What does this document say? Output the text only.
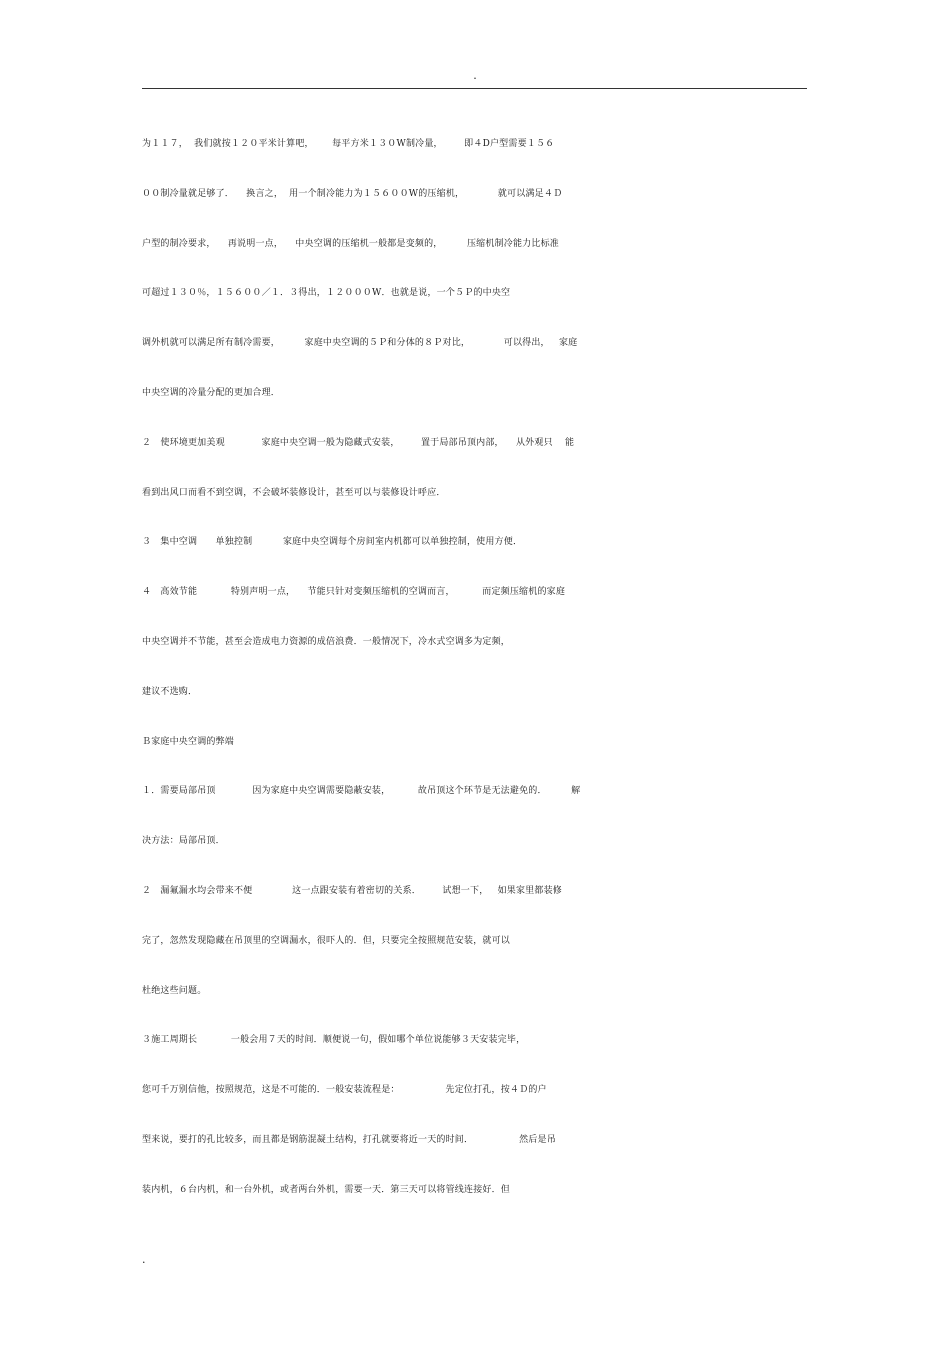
.
为１１７，  我们就按１２０平米计算吧，      每平方米１３０W制冷量，       即４D户型需要１５６
００制冷量就足够了．    换言之，  用一个制冷能力为１５６００W的压缩机，           就可以满足４Ｄ
户型的制冷要求，    再说明一点，    中央空调的压缩机一般都是变频的，        压缩机制冷能力比标准
可超过１３０％，１５６００／１．３得出，１２０００W．也就是说，一个５Ｐ的中央空
调外机就可以满足所有制冷需要，        家庭中央空调的５Ｐ和分体的８Ｐ对比，           可以得出，   家庭
中央空调的冷量分配的更加合理．
２   使环境更加美观            家庭中央空调一般为隐藏式安装，       置于局部吊顶内部，    从外观只    能
看到出风口而看不到空调，不会破坏装修设计，甚至可以与装修设计呼应．
３   集中空调      单独控制          家庭中央空调每个房间室内机都可以单独控制，使用方便．
４   高效节能           特别声明一点，    节能只针对变频压缩机的空调而言，         而定频压缩机的家庭
中央空调并不节能，甚至会造成电力资源的成倍浪费．一般情况下，冷水式空调多为定频，
建议不选购．
Ｂ家庭中央空调的弊端
１．需要局部吊顶            因为家庭中央空调需要隐蔽安装，         故吊顶这个环节是无法避免的．        解
决方法：局部吊顶．
２   漏氟漏水均会带来不便             这一点跟安装有着密切的关系．       试想一下，   如果家里都装修
完了，忽然发现隐藏在吊顶里的空调漏水，很吓人的．但，只要完全按照规范安装，就可以
杜绝这些问题。
３施工周期长           一般会用７天的时间．顺便说一句，假如哪个单位说能够３天安装完毕，
您可千万别信他，按照规范，这是不可能的．一般安装流程是：               先定位打孔，按４Ｄ的户
型来说，要打的孔比较多，而且都是钢筋混凝土结构，打孔就要将近一天的时间．               然后是吊
装内机，６台内机，和一台外机，或者两台外机，需要一天．第三天可以将管线连接好．但
.
